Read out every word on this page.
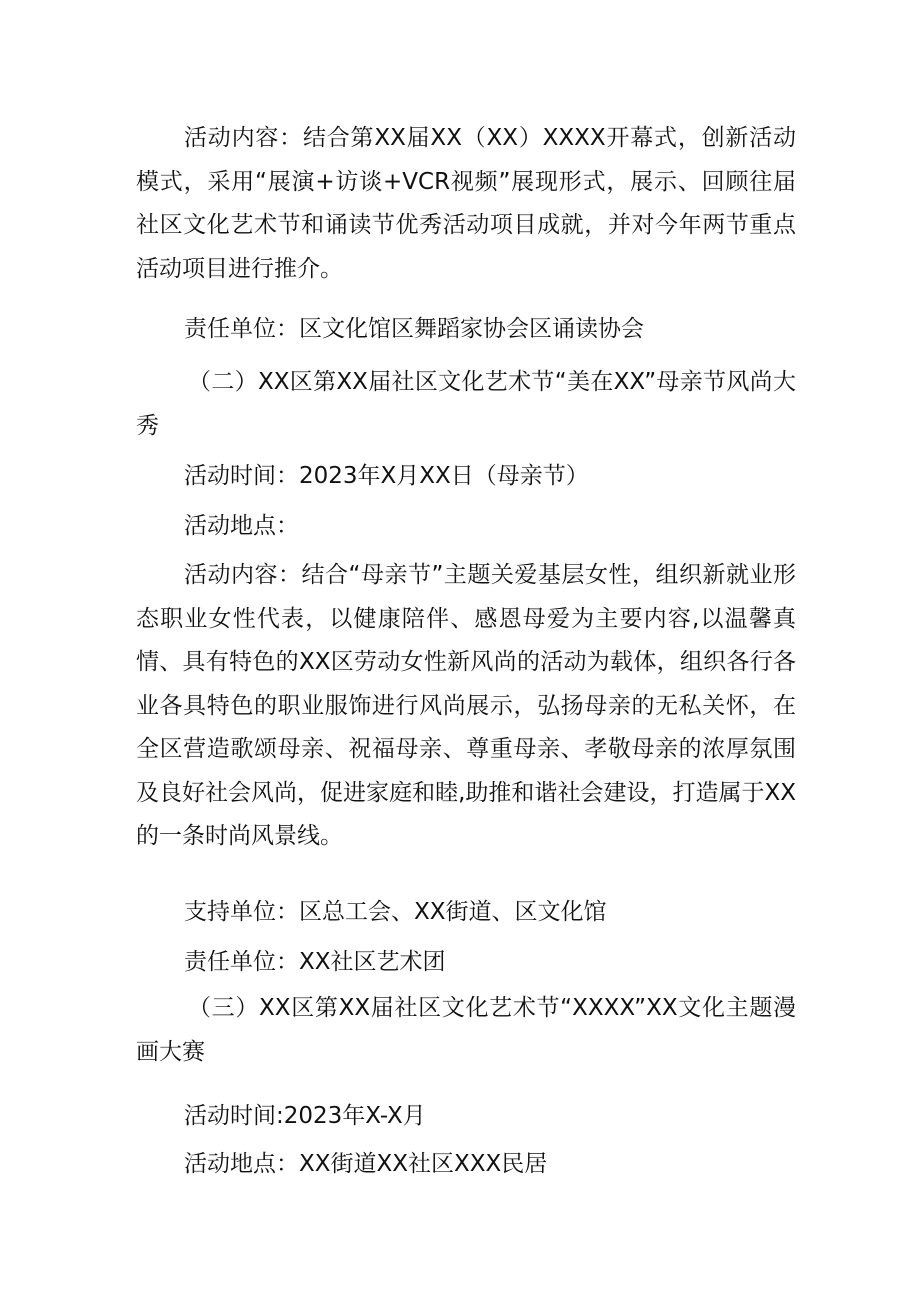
活动内容：结合第XX届XX（XX）XXXX开幕式，创新活动模式，采用“展演+访谈+VCR视频”展现形式，展示、回顾往届社区文化艺术节和诵读节优秀活动项目成就，并对今年两节重点活动项目进行推介。

责任单位：区文化馆区舞蹈家协会区诵读协会

（二）XX区第XX届社区文化艺术节“美在XX”母亲节风尚大秀

活动时间：2023年X月XX日（母亲节）

活动地点：

活动内容：结合“母亲节”主题关爱基层女性，组织新就业形态职业女性代表，以健康陪伴、感恩母爱为主要内容,以温馨真情、具有特色的XX区劳动女性新风尚的活动为载体，组织各行各业各具特色的职业服饰进行风尚展示，弘扬母亲的无私关怀，在全区营造歌颂母亲、祝福母亲、尊重母亲、孝敬母亲的浓厚氛围及良好社会风尚，促进家庭和睦,助推和谐社会建设，打造属于XX的一条时尚风景线。

支持单位：区总工会、XX街道、区文化馆

责任单位：XX社区艺术团

（三）XX区第XX届社区文化艺术节“XXXX”XX文化主题漫画大赛

活动时间:2023年X-X月

活动地点：XX街道XX社区XXX民居
